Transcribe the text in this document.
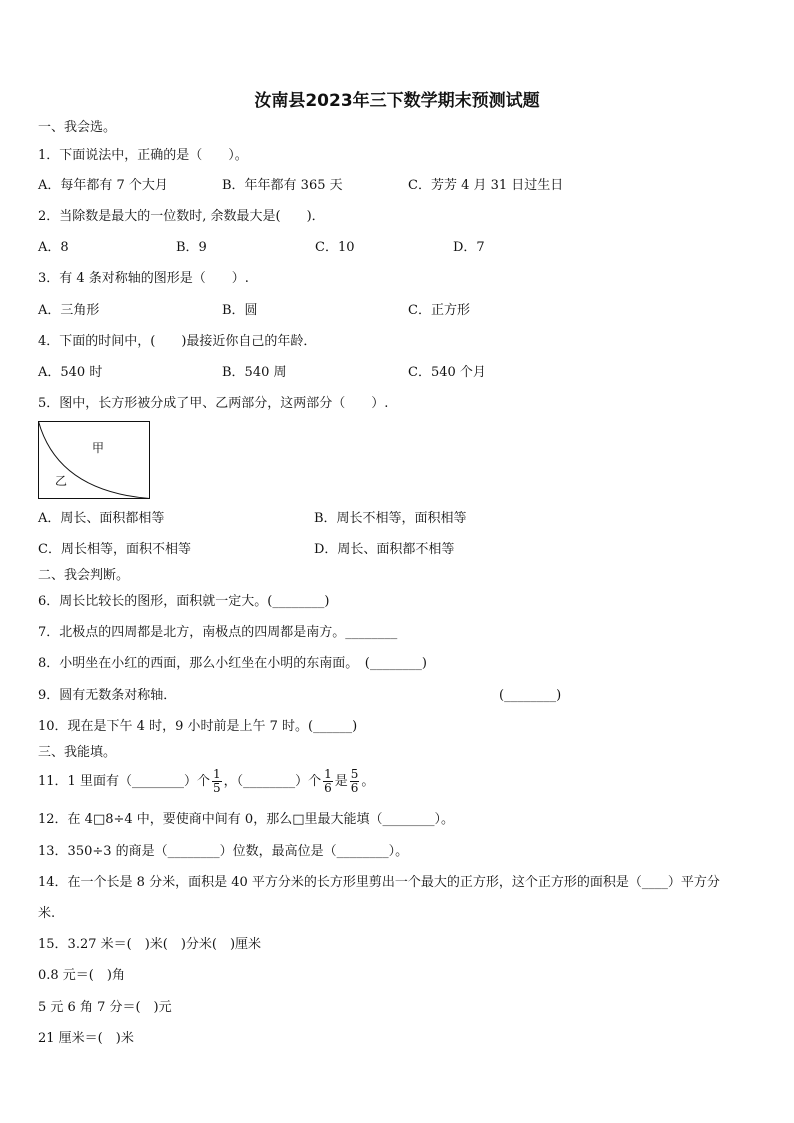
汝南县2023年三下数学期末预测试题
一、我会选。
1．下面说法中，正确的是（　　）。
A．每年都有 7 个大月	B．年年都有 365 天	C．芳芳 4 月 31 日过生日
2．当除数是最大的一位数时, 余数最大是(　　)．
A．8	B．9	C．10	D．7
3．有 4 条对称轴的图形是（　　）.
A．三角形	B．圆	C．正方形
4．下面的时间中，(　　)最接近你自己的年龄．
A．540 时	B．540 周	C．540 个月
5．图中，长方形被分成了甲、乙两部分，这两部分（　　）.
甲
乙
A．周长、面积都相等	B．周长不相等，面积相等
C．周长相等，面积不相等	D．周长、面积都不相等
二、我会判断。
6．周长比较长的图形，面积就一定大。(________)
7．北极点的四周都是北方，南极点的四周都是南方。________
8．小明坐在小红的西面，那么小红坐在小明的东南面。　(________)
9．圆有无数条对称轴．	(________)
10．现在是下午 4 时，9 小时前是上午 7 时。(______)
三、我能填。
11．1 里面有（________）个 $\frac{1}{5}$ ，（________）个 $\frac{1}{6}$ 是 $\frac{5}{6}$ 。
12．在 4□8÷4 中，要使商中间有 0，那么□里最大能填（________）。
13．350÷3 的商是（________）位数，最高位是（________）。
14．在一个长是 8 分米，面积是 40 平方分米的长方形里剪出一个最大的正方形，这个正方形的面积是（____）平方分
米.
15．3.27 米＝(　)米(　)分米(　)厘米
0.8 元＝(　)角
5 元 6 角 7 分＝(　)元
21 厘米＝(　)米
